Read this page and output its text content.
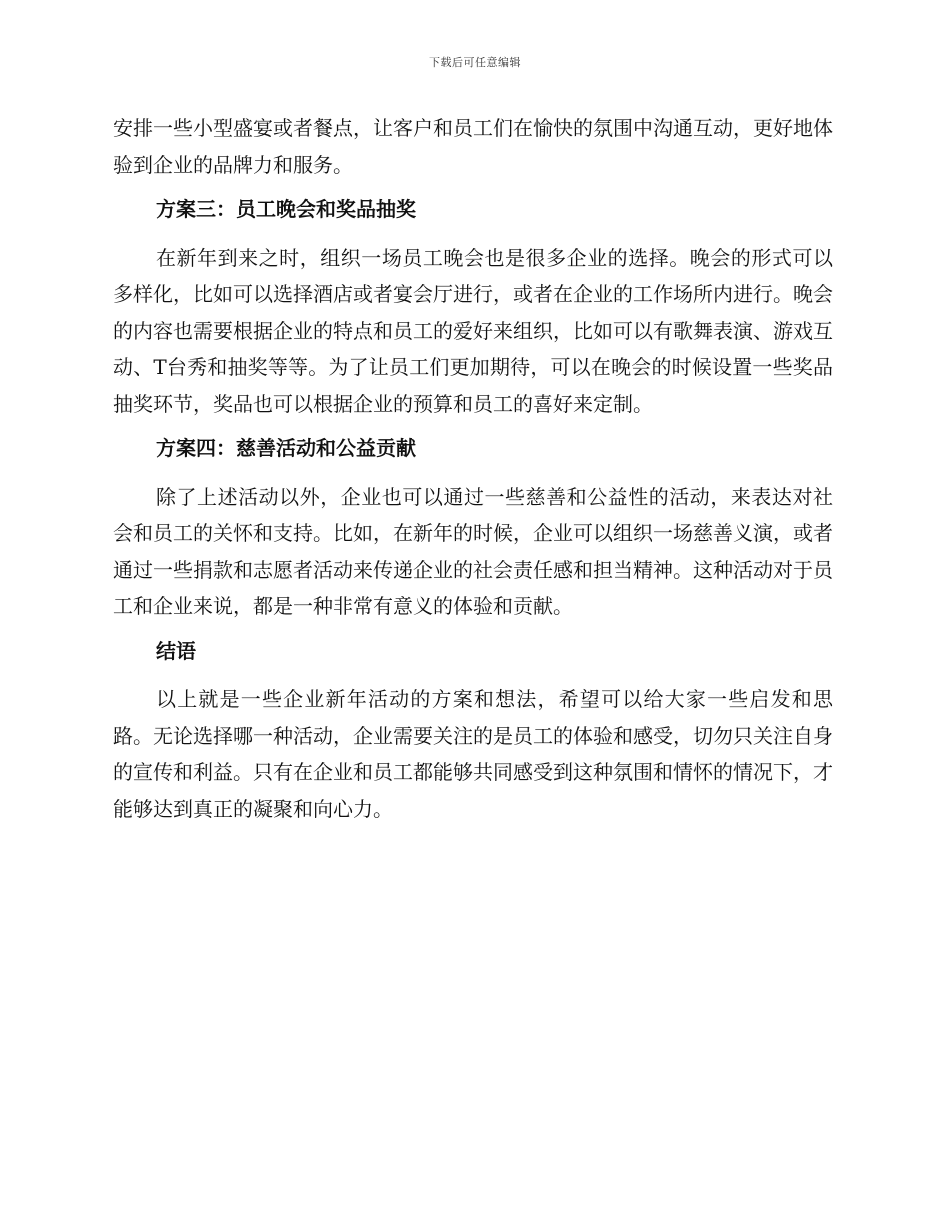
下载后可任意编辑

安排一些小型盛宴或者餐点，让客户和员工们在愉快的氛围中沟通互动，更好地体验到企业的品牌力和服务。

方案三：员工晚会和奖品抽奖

在新年到来之时，组织一场员工晚会也是很多企业的选择。晚会的形式可以多样化，比如可以选择酒店或者宴会厅进行，或者在企业的工作场所内进行。晚会的内容也需要根据企业的特点和员工的爱好来组织，比如可以有歌舞表演、游戏互动、T台秀和抽奖等等。为了让员工们更加期待，可以在晚会的时候设置一些奖品抽奖环节，奖品也可以根据企业的预算和员工的喜好来定制。

方案四：慈善活动和公益贡献

除了上述活动以外，企业也可以通过一些慈善和公益性的活动，来表达对社会和员工的关怀和支持。比如，在新年的时候，企业可以组织一场慈善义演，或者通过一些捐款和志愿者活动来传递企业的社会责任感和担当精神。这种活动对于员工和企业来说，都是一种非常有意义的体验和贡献。

结语

以上就是一些企业新年活动的方案和想法，希望可以给大家一些启发和思路。无论选择哪一种活动，企业需要关注的是员工的体验和感受，切勿只关注自身的宣传和利益。只有在企业和员工都能够共同感受到这种氛围和情怀的情况下，才能够达到真正的凝聚和向心力。
